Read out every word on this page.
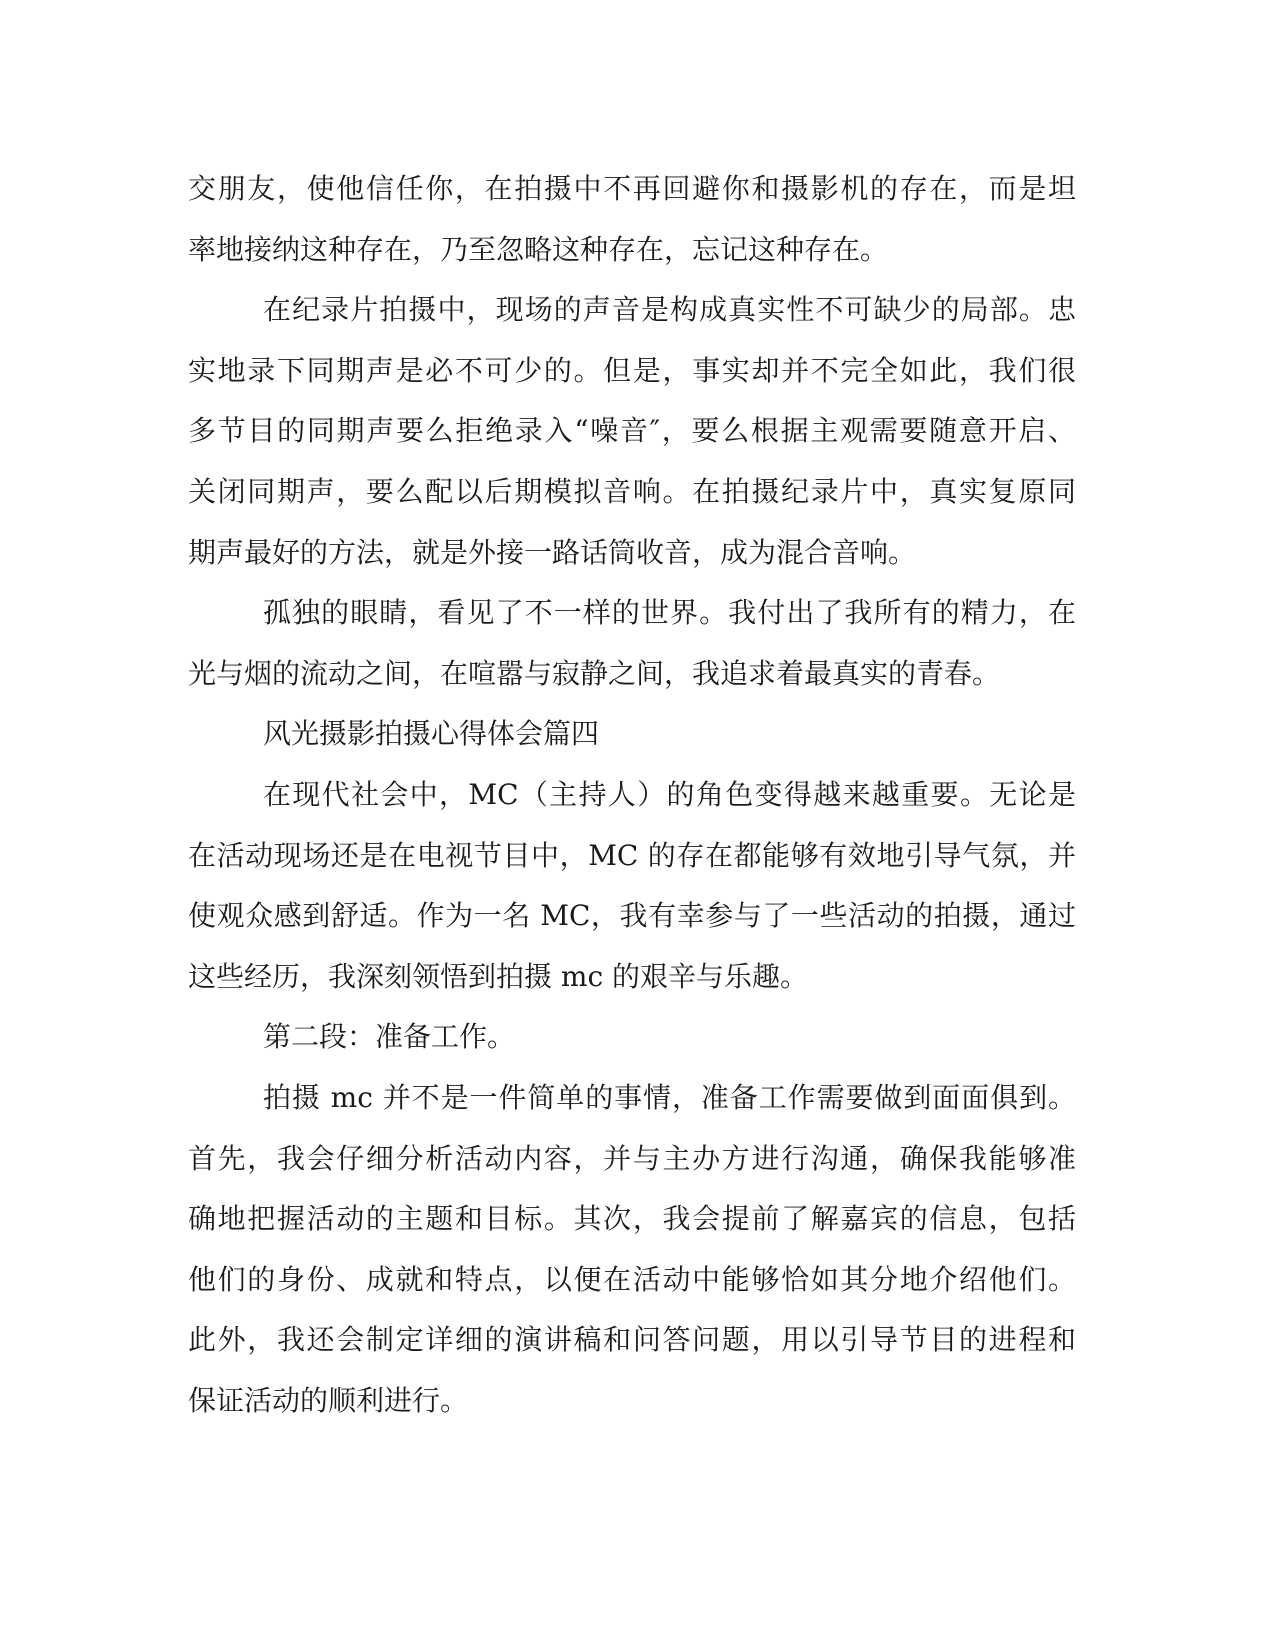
交朋友，使他信任你，在拍摄中不再回避你和摄影机的存在，而是坦
率地接纳这种存在，乃至忽略这种存在，忘记这种存在。
在纪录片拍摄中，现场的声音是构成真实性不可缺少的局部。忠
实地录下同期声是必不可少的。但是，事实却并不完全如此，我们很
多节目的同期声要么拒绝录入“噪音″，要么根据主观需要随意开启、
关闭同期声，要么配以后期模拟音响。在拍摄纪录片中，真实复原同
期声最好的方法，就是外接一路话筒收音，成为混合音响。
孤独的眼睛，看见了不一样的世界。我付出了我所有的精力，在
光与烟的流动之间，在喧嚣与寂静之间，我追求着最真实的青春。
风光摄影拍摄心得体会篇四
在现代社会中，MC（主持人）的角色变得越来越重要。无论是
在活动现场还是在电视节目中，MC 的存在都能够有效地引导气氛，并
使观众感到舒适。作为一名 MC，我有幸参与了一些活动的拍摄，通过
这些经历，我深刻领悟到拍摄 mc 的艰辛与乐趣。
第二段：准备工作。
拍摄 mc 并不是一件简单的事情，准备工作需要做到面面俱到。
首先，我会仔细分析活动内容，并与主办方进行沟通，确保我能够准
确地把握活动的主题和目标。其次，我会提前了解嘉宾的信息，包括
他们的身份、成就和特点，以便在活动中能够恰如其分地介绍他们。
此外，我还会制定详细的演讲稿和问答问题，用以引导节目的进程和
保证活动的顺利进行。
